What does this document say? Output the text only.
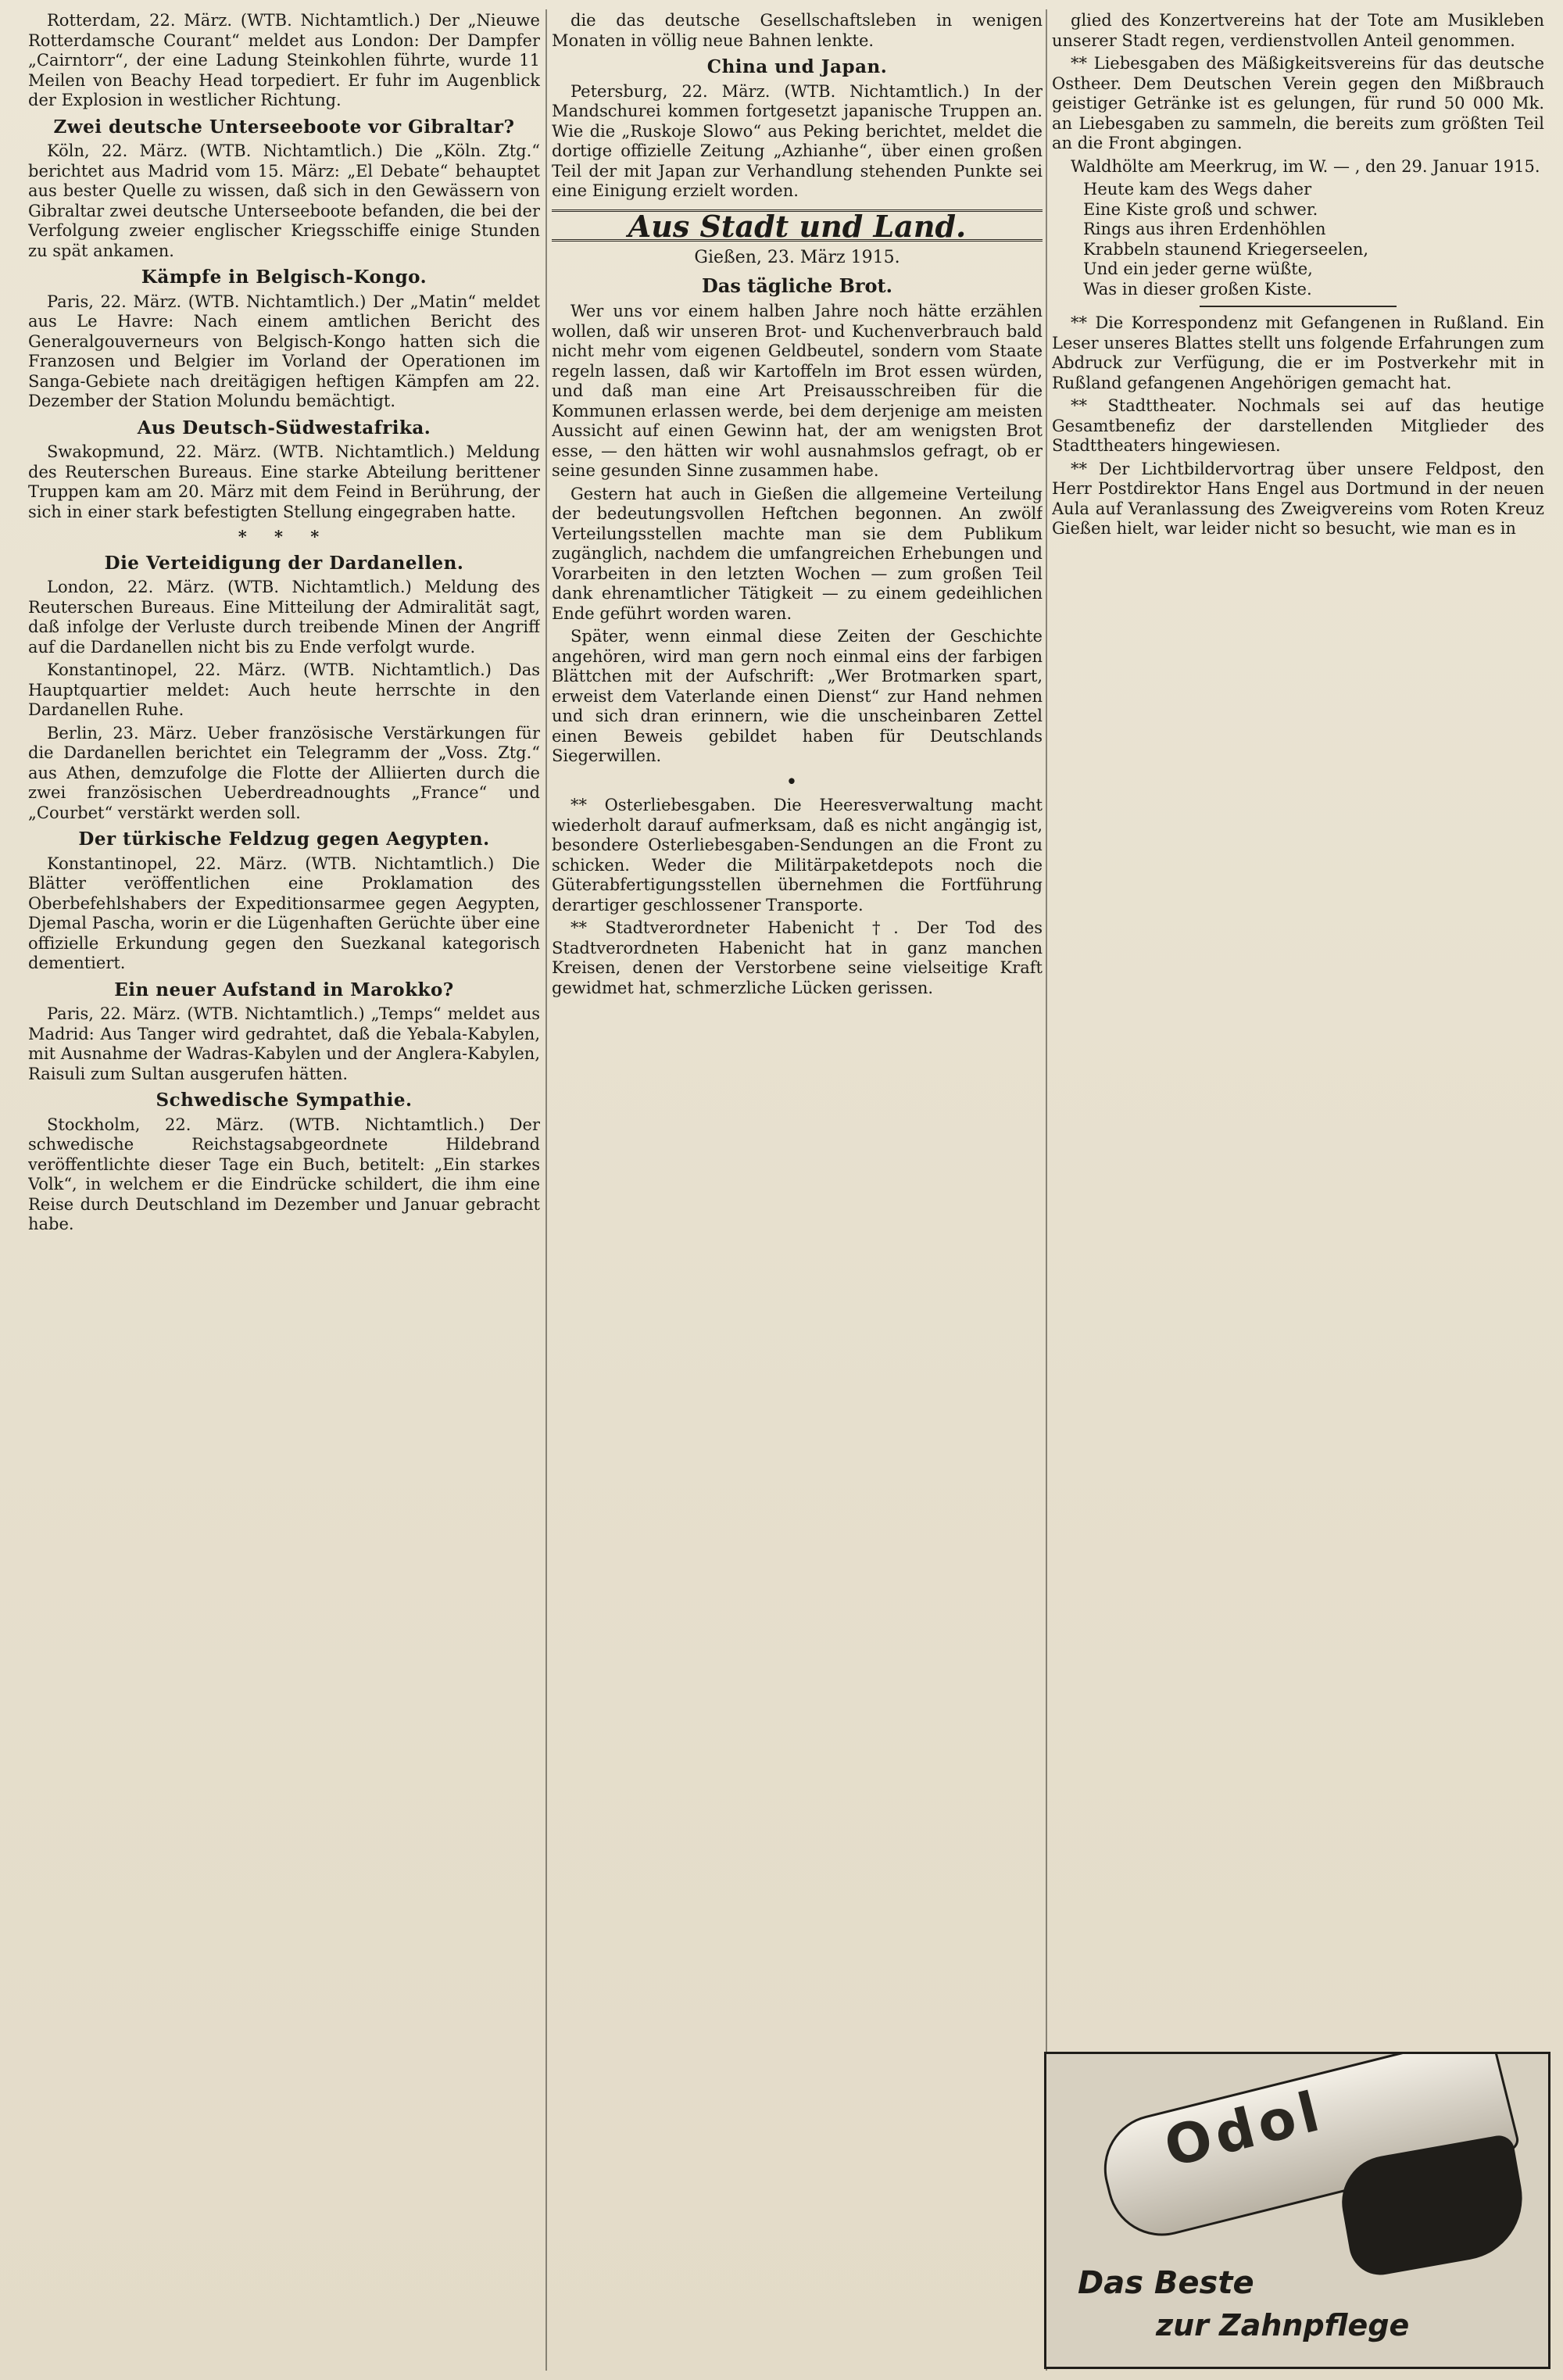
Rotterdam, 22. März. (WTB. Nichtamtlich.) Der „Nieuwe Rotterdamsche Courant“ meldet aus London: Der Dampfer „Cairntorr“, der eine Ladung Steinkohlen führte, wurde 11 Meilen von Beachy Head torpediert. Er fuhr im Augenblick der Explosion in westlicher Richtung.

Zwei deutsche Unterseeboote vor Gibraltar?

Köln, 22. März. (WTB. Nichtamtlich.) Die „Köln. Ztg.“ berichtet aus Madrid vom 15. März: „El Debate“ behauptet aus bester Quelle zu wissen, daß sich in den Gewässern von Gibraltar zwei deutsche Unterseeboote befanden, die bei der Verfolgung zweier englischer Kriegsschiffe einige Stunden zu spät ankamen.

Kämpfe in Belgisch-Kongo.

Paris, 22. März. (WTB. Nichtamtlich.) Der „Matin“ meldet aus Le Havre: Nach einem amtlichen Bericht des Generalgouverneurs von Belgisch-Kongo hatten sich die Franzosen und Belgier im Vorland der Operationen im Sanga-Gebiete nach dreitägigen heftigen Kämpfen am 22. Dezember der Station Molundu bemächtigt.

Aus Deutsch-Südwestafrika.

Swakopmund, 22. März. (WTB. Nichtamtlich.) Meldung des Reuterschen Bureaus. Eine starke Abteilung berittener Truppen kam am 20. März mit dem Feind in Berührung, der sich in einer stark befestigten Stellung eingegraben hatte.

* * *
Die Verteidigung der Dardanellen.

London, 22. März. (WTB. Nichtamtlich.) Meldung des Reuterschen Bureaus. Eine Mitteilung der Admiralität sagt, daß infolge der Verluste durch treibende Minen der Angriff auf die Dardanellen nicht bis zu Ende verfolgt wurde.

Konstantinopel, 22. März. (WTB. Nichtamtlich.) Das Hauptquartier meldet: Auch heute herrschte in den Dardanellen Ruhe.

Berlin, 23. März. Ueber französische Verstärkungen für die Dardanellen berichtet ein Telegramm der „Voss. Ztg.“ aus Athen, demzufolge die Flotte der Alliierten durch die zwei französischen Ueberdreadnoughts „France“ und „Courbet“ verstärkt werden soll.

Der türkische Feldzug gegen Aegypten.

Konstantinopel, 22. März. (WTB. Nichtamtlich.) Die Blätter veröffentlichen eine Proklamation des Oberbefehlshabers der Expeditionsarmee gegen Aegypten, Djemal Pascha, worin er die Lügenhaften Gerüchte über eine offizielle Erkundung gegen den Suezkanal kategorisch dementiert.

Ein neuer Aufstand in Marokko?

Paris, 22. März. (WTB. Nichtamtlich.) „Temps“ meldet aus Madrid: Aus Tanger wird gedrahtet, daß die Yebala-Kabylen, mit Ausnahme der Wadras-Kabylen und der Anglera-Kabylen, Raisuli zum Sultan ausgerufen hätten.

Schwedische Sympathie.

Stockholm, 22. März. (WTB. Nichtamtlich.) Der schwedische Reichstagsabgeordnete Hildebrand veröffentlichte dieser Tage ein Buch, betitelt: „Ein starkes Volk“, in welchem er die Eindrücke schildert, die ihm eine Reise durch Deutschland im Dezember und Januar gebracht habe.

die das deutsche Gesellschaftsleben in wenigen Monaten in völlig neue Bahnen lenkte.

China und Japan.

Petersburg, 22. März. (WTB. Nichtamtlich.) In der Mandschurei kommen fortgesetzt japanische Truppen an. Wie die „Ruskoje Slowo“ aus Peking berichtet, meldet die dortige offizielle Zeitung „Azhianhe“, über einen großen Teil der mit Japan zur Verhandlung stehenden Punkte sei eine Einigung erzielt worden.

Aus Stadt und Land.
Gießen, 23. März 1915.
Das tägliche Brot.

Wer uns vor einem halben Jahre noch hätte erzählen wollen, daß wir unseren Brot- und Kuchenverbrauch bald nicht mehr vom eigenen Geldbeutel, sondern vom Staate regeln lassen, daß wir Kartoffeln im Brot essen würden, und daß man eine Art Preisausschreiben für die Kommunen erlassen werde, bei dem derjenige am meisten Aussicht auf einen Gewinn hat, der am wenigsten Brot esse, — den hätten wir wohl ausnahmslos gefragt, ob er seine gesunden Sinne zusammen habe.

Gestern hat auch in Gießen die allgemeine Verteilung der bedeutungsvollen Heftchen begonnen. An zwölf Verteilungsstellen machte man sie dem Publikum zugänglich, nachdem die umfangreichen Erhebungen und Vorarbeiten in den letzten Wochen — zum großen Teil dank ehrenamtlicher Tätigkeit — zu einem gedeihlichen Ende geführt worden waren.

Später, wenn einmal diese Zeiten der Geschichte angehören, wird man gern noch einmal eins der farbigen Blättchen mit der Aufschrift: „Wer Brotmarken spart, erweist dem Vaterlande einen Dienst“ zur Hand nehmen und sich dran erinnern, wie die unscheinbaren Zettel einen Beweis gebildet haben für Deutschlands Siegerwillen.

•

** Osterliebesgaben. Die Heeresverwaltung macht wiederholt darauf aufmerksam, daß es nicht angängig ist, besondere Osterliebesgaben-Sendungen an die Front zu schicken. Weder die Militärpaketdepots noch die Güterabfertigungsstellen übernehmen die Fortführung derartiger geschlossener Transporte.

** Stadtverordneter Habenicht †. Der Tod des Stadtverordneten Habenicht hat in ganz manchen Kreisen, denen der Verstorbene seine vielseitige Kraft gewidmet hat, schmerzliche Lücken gerissen.

glied des Konzertvereins hat der Tote am Musikleben unserer Stadt regen, verdienstvollen Anteil genommen.

** Liebesgaben des Mäßigkeitsvereins für das deutsche Ostheer. Dem Deutschen Verein gegen den Mißbrauch geistiger Getränke ist es gelungen, für rund 50 000 Mk. an Liebesgaben zu sammeln, die bereits zum größten Teil an die Front abgingen.

Waldhölte am Meerkrug, im W. — , den 29. Januar 1915.

Heute kam des Wegs daher
Eine Kiste groß und schwer.
Rings aus ihren Erdenhöhlen
Krabbeln staunend Kriegerseelen,
Und ein jeder gerne wüßte,
Was in dieser großen Kiste.

** Die Korrespondenz mit Gefangenen in Rußland. Ein Leser unseres Blattes stellt uns folgende Erfahrungen zum Abdruck zur Verfügung, die er im Postverkehr mit in Rußland gefangenen Angehörigen gemacht hat.

** Stadttheater. Nochmals sei auf das heutige Gesamtbenefiz der darstellenden Mitglieder des Stadttheaters hingewiesen.

** Der Lichtbildervortrag über unsere Feldpost, den Herr Postdirektor Hans Engel aus Dortmund in der neuen Aula auf Veranlassung des Zweigvereins vom Roten Kreuz Gießen hielt, war leider nicht so besucht, wie man es in

Odol
Das Beste
zur Zahnpflege
